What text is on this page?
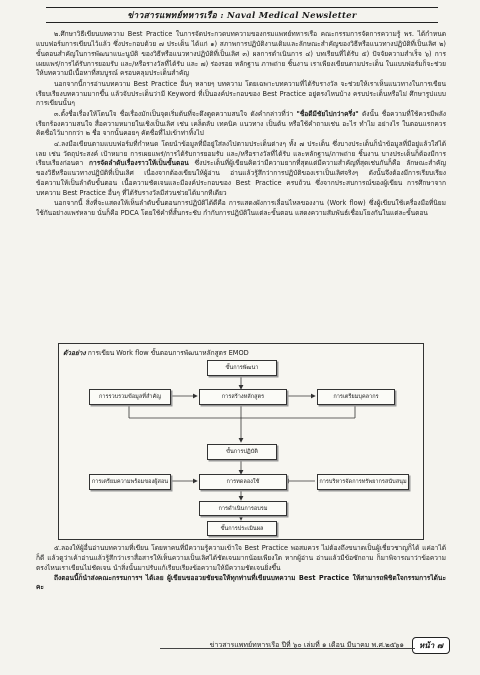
ข่าวสารแพทย์ทหารเรือ : Naval Medical Newsletter

๒.ศึกษาวิธีเขียนบทความ Best Practice ในการจัดประกวดบทความของกรมแพทย์ทหารเรือ คณะกรรมการจัดการความรู้ พร. ได้กำหนดแบบฟอร์มการเขียนไว้แล้ว ซึ่งประกอบด้วย ๗ ประเด็น ได้แก่ ๑) สภาพการปฏิบัติงานเดิมและลักษณะสำคัญของวิธีหรือแนวทางปฏิบัติที่เป็นเลิศ ๒) ขั้นตอนสำคัญในการพัฒนาแนะนูบัติ ของวิธีหรือแนวทางปฏิบัติที่เป็นเลิศ ๓) ผลการดำเนินการ ๔) บทเรียนที่ได้รับ ๕) ปัจจัยความสำเร็จ ๖) การเผยแพร่/การได้รับการยอมรับ และ/หรือรางวัลที่ได้รับ และ ๗) ร่องรอย หลักฐาน ภาพถ่าย ชิ้นงาน เราเพียงเขียนตามประเด็น ในแบบฟอร์มก็จะช่วยให้บทความมีเนื้อหาที่สมบูรณ์ ครอบคลุมประเด็นสำคัญ

นอกจากนี้การอ่านบทความ Best Practice อื่นๆ หลายๆ บทความ โดยเฉพาะบทความที่ได้รับรางวัล จะช่วยให้เราเห็นแนวทางในการเขียนเรียบเรียงบทความมากขึ้น แล้วจับประเด็นว่ามี Keyword ที่เป็นองค์ประกอบของ Best Practice อยู่ตรงไหนบ้าง ครบประเด็นหรือไม่ ศึกษารูปแบบการเขียนนั้นๆ

๓.ตั้งชื่อเรื่องให้โดนใจ ชื่อเรื่องมักเป็นจุดเริ่มต้นที่จะดึงดูดความสนใจ ดังคำกล่าวที่ว่า "ชื่อดีมีชัยไปกว่าครึ่ง" ดังนั้น ชื่อความที่ใช้ควรมีพลังเรียกร้องความสนใจ สื่อความหมายในเชิงเป็นเลิศ เช่น เคล็ดลับ เทคนิค แนวทาง เป็นต้น หรือใช้คำถามเช่น อะไร ทำไม อย่างไร ในตอนแรกควรคิดชื่อไว้มากกว่า ๒ ชื่อ จากนั้นคอยๆ คัดชื่อที่ไม่เข้าท่าทิ้งไป

๔.ลงมือเขียนตามแบบฟอร์มที่กำหนด โดยนำข้อมูลที่มีอยู่ใส่ลงไปตามประเด็นต่างๆ ทั้ง ๗ ประเด็น ซึ่งบางประเด็นก็นำข้อมูลที่มีอยู่แล้วใส่ได้เลย เช่น วัตถุประสงค์ เป้าหมาย การเผยแพร่/การได้รับการยอมรับ และ/หรือรางวัลที่ได้รับ และหลักฐาน/ภาพถ่าย ชิ้นงาน บางประเด็นก็ต้องมีการเรียบเรียงก่อนตา การจัดลำดับเรื่องราวให้เป็นขั้นตอน ซึ่งประเด็นที่ผู้เขียนคิดว่ามีความยากที่สุดแต่มีความสำคัญที่สุดเช่นกันก็คือ ลักษณะสำคัญของวิธีหรือแนวทางปฏิบัติที่เป็นเลิศ เนื่องจากต้องเขียนให้ผู้อ่าน อ่านแล้วรู้สึกว่าการปฏิบัติของเราเป็นเลิศจริงๆ ดังนั้นจึงต้องมีการเรียบเรียงข้อความให้เป็นลำดับขั้นตอน เนื้อความชัดเจนและมีองค์ประกอบของ Best Practice ครบถ้วน ซึ่งจากประสบการณ์ของผู้เขียน การศึกษาจากบทความ Best Practice อื่นๆ ที่ได้รับรางวัลมีส่วนช่วยได้มากทีเดียว

นอกจากนี้ สิ่งที่จะแสดงให้เห็นลำดับขั้นตอนการปฏิบัติได้ดีคือ การแสดงผังการเลื่อนไหลของงาน (Work flow) ซึ่งผู้เขียนใช้เครื่องมือที่นิยมใช้กันอย่างแพร่หลาย นั่นก็คือ PDCA โดยใช้คำที่สั้นกระชับ กำกับการปฏิบัติในแต่ละขั้นตอน แสดงความสัมพันธ์เชื่อมโยงกันในแต่ละขั้นตอน

ตัวอย่าง การเขียน Work flow ขั้นตอนการพัฒนาหลักสูตร EMOD
ขั้นการพัฒนา
การรวบรวมข้อมูลที่สำคัญ	การสร้างหลักสูตร	การเตรียมบุคลากร
ขั้นการปฏิบัติ
การเตรียมความพร้อมของผู้สอน	การทดลองใช้	การบริหารจัดการทรัพยากรสนับสนุม
การดำเนินการอบรม
ขั้นการประเมินผล

๕.ลองให้ผู้อื่นอ่านบทความที่เขียน โดยหาคนที่มีความรู้ความเข้าใจ Best Practice พอสมควร ไม่ต้องถึงขนาดเป็นผู้เชี่ยวชาญก็ได้ แค่อาได้ก็ดี แล้วดูว่าเค้าอ่านแล้วรู้สึกว่าเราสื่อสารให้เห็นความเป็นเลิศได้ชัดเจนมากน้อยเพียงใด หากผู้อ่าน อ่านแล้วมีข้อซักถาม ก็มาพิจารณาว่าข้อความตรงไหนเราเขียนไม่ชัดเจน นำสิ่งนั้นมาปรับแก้เรียบเรียงข้อความให้มีความชัดเจนยิ่งขึ้น

ถึงตอนนี้ก็นำส่งคณะกรรมการฯ ได้เลย ผู้เขียนขออวยชัยขอให้ทุกท่านที่เขียนบทความ Best Practice ให้สามารถพิชิตใจกรรมการได้นะคะ

ข่าวสารแพทย์ทหารเรือ ปีที่ ๖๐ เล่มที่ ๑ เดือน มีนาคม พ.ศ.๒๕๖๑	หน้า ๗
